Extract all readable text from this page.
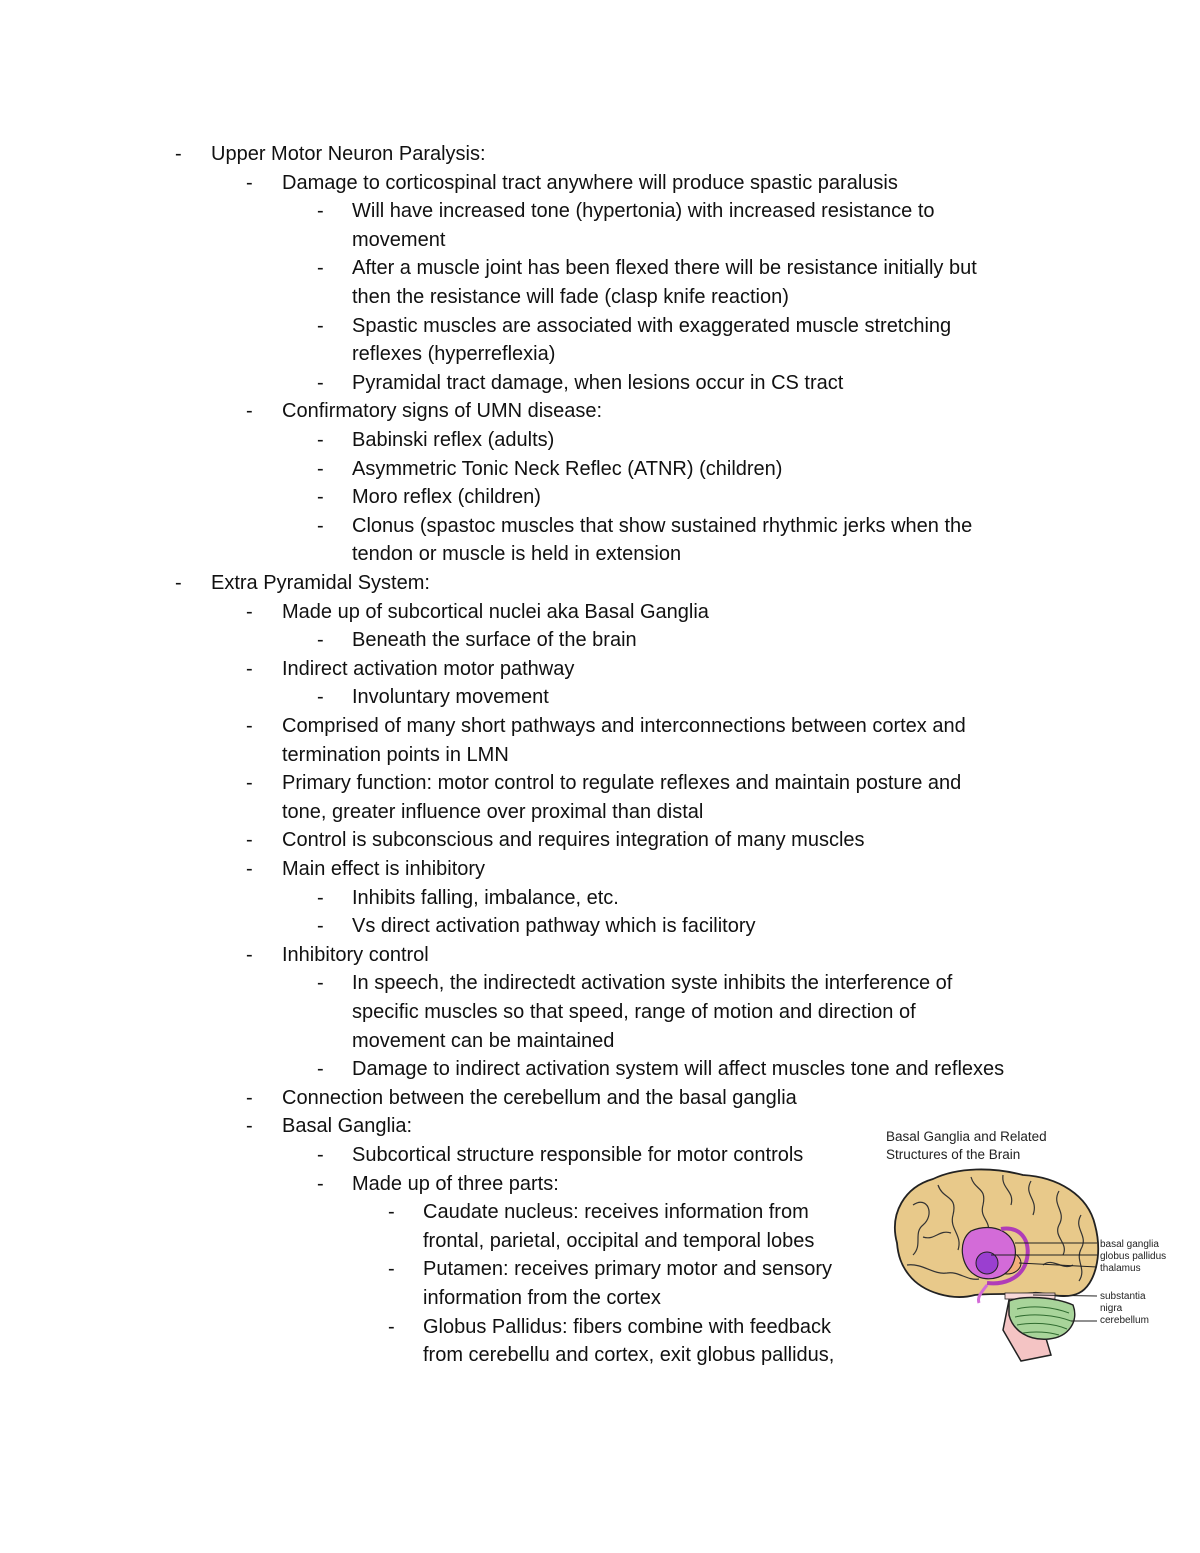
- Upper Motor Neuron Paralysis:
- Damage to corticospinal tract anywhere will produce spastic paralusis
- Will have increased tone (hypertonia) with increased resistance to
movement
- After a muscle joint has been flexed there will be resistance initially but
then the resistance will fade (clasp knife reaction)
- Spastic muscles are associated with exaggerated muscle stretching
reflexes (hyperreflexia)
- Pyramidal tract damage, when lesions occur in CS tract
- Confirmatory signs of UMN disease:
- Babinski reflex (adults)
- Asymmetric Tonic Neck Reflec (ATNR) (children)
- Moro reflex (children)
- Clonus (spastoc muscles that show sustained rhythmic jerks when the
tendon or muscle is held in extension
- Extra Pyramidal System:
- Made up of subcortical nuclei aka Basal Ganglia
- Beneath the surface of the brain
- Indirect activation motor pathway
- Involuntary movement
- Comprised of many short pathways and interconnections between cortex and
termination points in LMN
- Primary function: motor control to regulate reflexes and maintain posture and
tone, greater influence over proximal than distal
- Control is subconscious and requires integration of many muscles
- Main effect is inhibitory
- Inhibits falling, imbalance, etc.
- Vs direct activation pathway which is facilitory
- Inhibitory control
- In speech, the indirectedt activation syste inhibits the interference of
specific muscles so that speed, range of motion and direction of
movement can be maintained
- Damage to indirect activation system will affect muscles tone and reflexes
- Connection between the cerebellum and the basal ganglia
- Basal Ganglia:
- Subcortical structure responsible for motor controls
- Made up of three parts:
- Caudate nucleus: receives information from
frontal, parietal, occipital and temporal lobes
- Putamen: receives primary motor and sensory
information from the cortex
- Globus Pallidus: fibers combine with feedback
from cerebellu and cortex, exit globus pallidus,
Basal Ganglia and Related
Structures of the Brain
basal ganglia
globus pallidus
thalamus
substantia
nigra
cerebellum
